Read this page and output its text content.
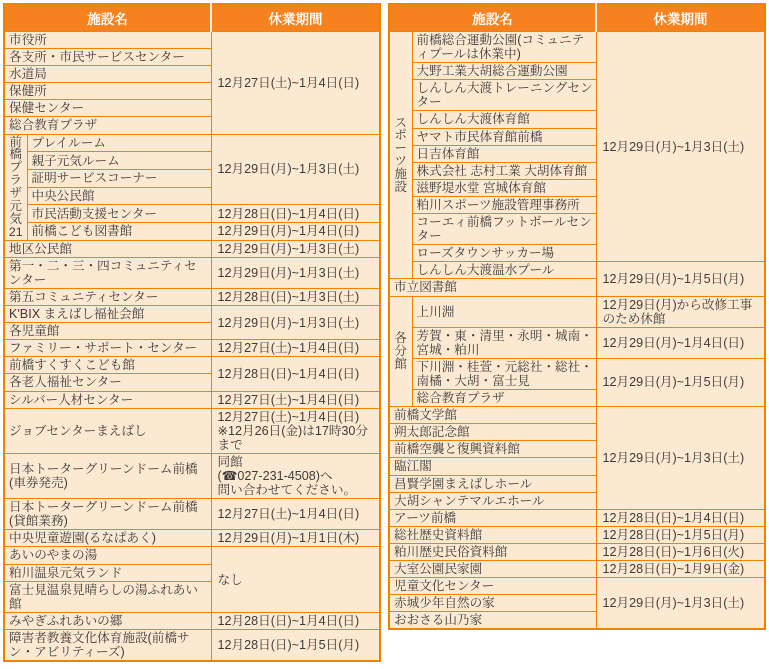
施設名		休業期間
市役所		12月27日(土)~1月4日(日)
各支所・市民サービスセンター		
水道局		
保健所		
保健センター		
総合教育プラザ		

前
橋
プ
ラ
ザ
元
気
21
	プレイルーム	12月29日(月)~1月3日(土)
	親子元気ルーム	
	証明サービスコーナー	
	中央公民館	
	市民活動支援センター	12月28日(日)~1月4日(日)
	前橋こども図書館	12月29日(月)~1月4日(日)
地区公民館		12月29日(月)~1月3日(土)
第一・二・三・四コミュニティセンター		12月29日(月)~1月3日(土)
第五コミュニティセンター		12月28日(日)~1月3日(土)
K'BIX まえばし福祉会館		12月29日(月)~1月3日(土)
各児童館		
ファミリー・サポート・センター		12月27日(土)~1月4日(日)
前橋すくすくこども館		12月28日(日)~1月4日(日)
各老人福祉センター		
シルバー人材センター		12月27日(土)~1月4日(日)
ジョブセンターまえばし		12月27日(土)~1月4日(日)
※12月26日(金)は17時30分まで

日本トーターグリーンドーム前橋(車券発売)		同館
(☎027-231-4508)へ
問い合わせてください。

日本トーターグリーンドーム前橋(貸館業務)		12月27日(土)~1月4日(日)
中央児童遊園(るなぱあく)		12月29日(月)~1月1日(木)
あいのやまの湯		なし
粕川温泉元気ランド		
富士見温泉見晴らしの湯ふれあい館		
みやぎふれあいの郷		12月28日(日)~1月4日(日)
障害者教養文化体育施設(前橋サン・アビリティーズ)		12月28日(日)~1月5日(月)
施設名		休業期間

ス
ポ
ー
ツ
施
設
	前橋総合運動公園(コミュニティプールは休業中)	12月29日(月)~1月3日(土)
	大野工業大胡総合運動公園	
	しんしん大渡トレーニングセンター	
	しんしん大渡体育館	
	ヤマト市民体育館前橋	
	日吉体育館	
	株式会社 志村工業 大胡体育館	
	滋野堤水堂 宮城体育館	
	粕川スポーツ施設管理事務所	
	コーエィ前橋フットボールセンター	
	ローズタウンサッカー場	
	しんしん大渡温水プール	12月29日(月)~1月5日(月)
市立図書館		

各
分
館	上川淵	12月29日(月)から改修工事のため休館
	芳賀・東・清里・永明・城南・宮城・粕川	12月29日(月)~1月4日(日)
	下川淵・桂萱・元総社・総社・南橘・大胡・富士見	12月29日(月)~1月5日(月)
	総合教育プラザ	
前橋文学館		12月29日(月)~1月3日(土)
朔太郎記念館		
前橋空襲と復興資料館		
臨江閣		
昌賢学園まえばしホール		
大胡シャンテマルエホール		
アーツ前橋		12月28日(日)~1月4日(日)
総社歴史資料館		12月28日(日)~1月5日(月)
粕川歴史民俗資料館		12月28日(日)~1月6日(火)
大室公園民家園		12月28日(日)~1月9日(金)
児童文化センター		12月29日(月)~1月3日(土)
赤城少年自然の家		
おおさる山乃家		
